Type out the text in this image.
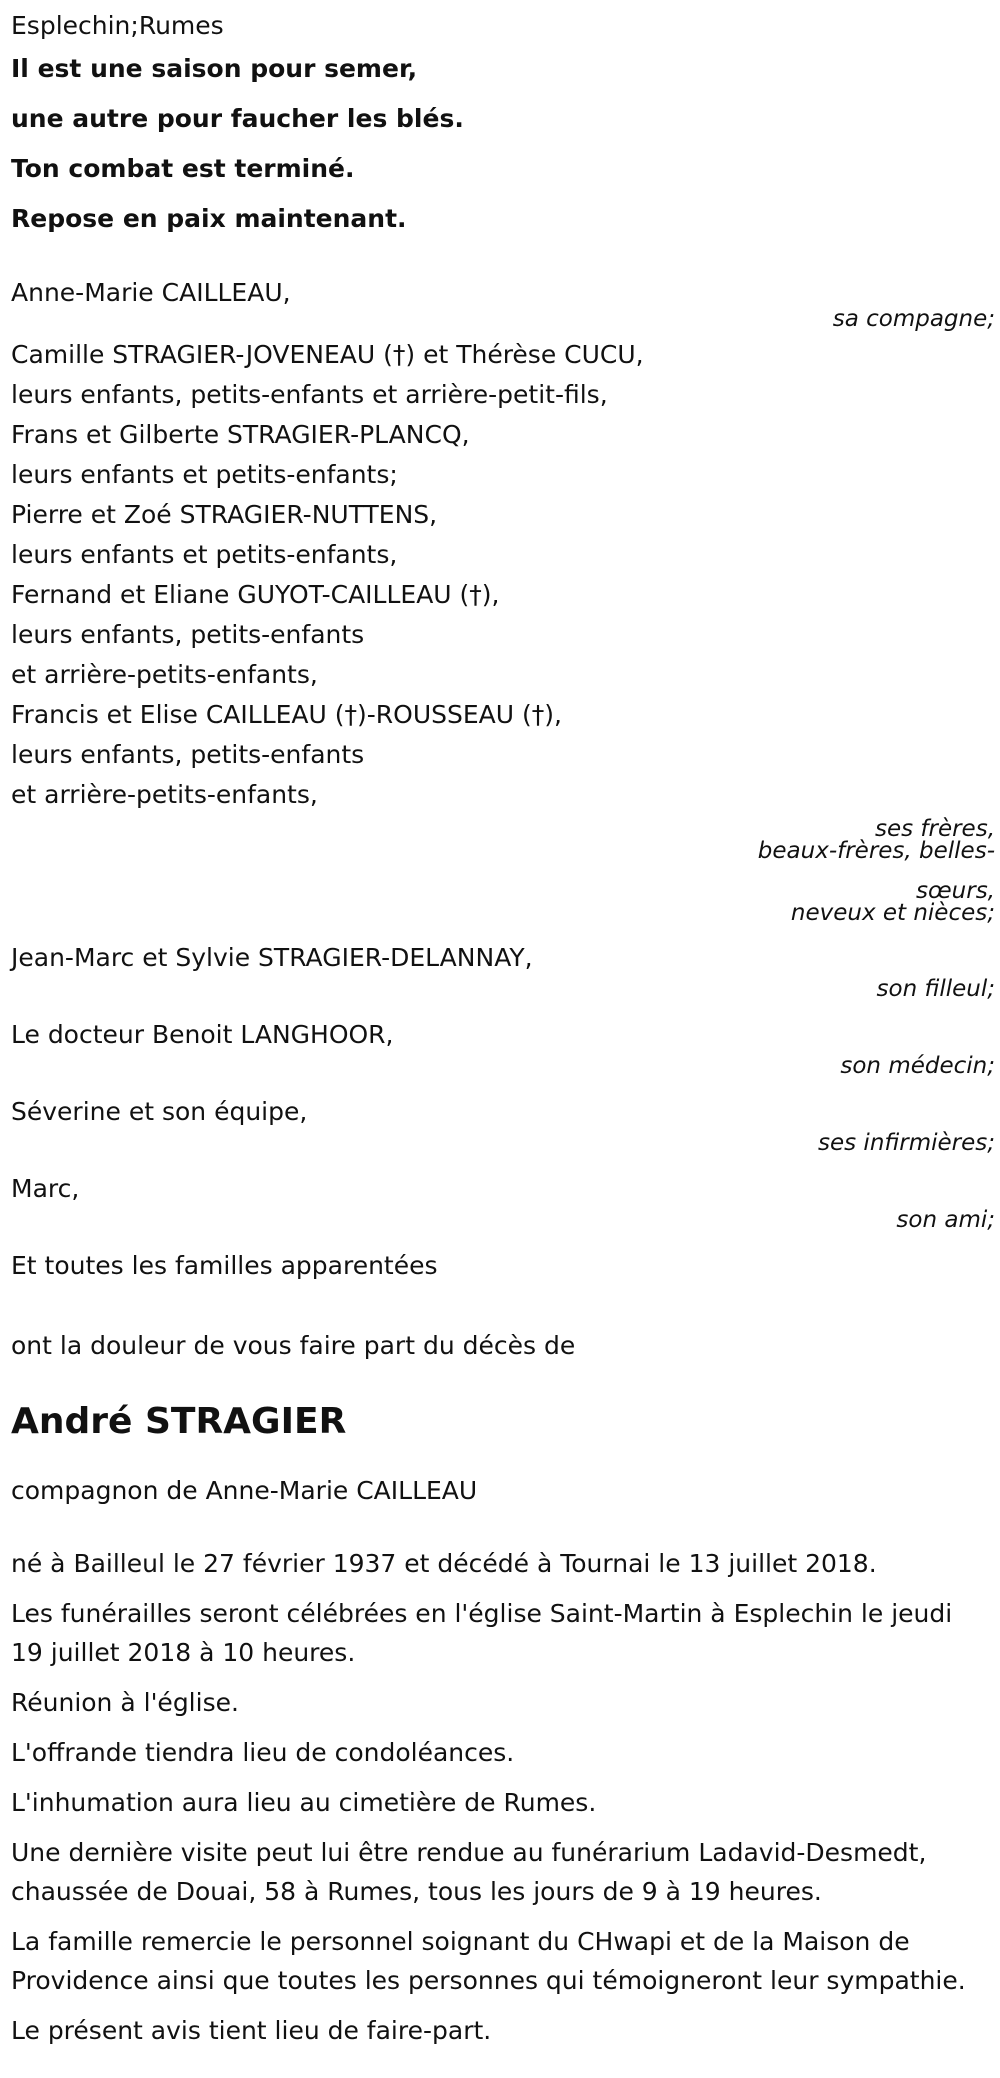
Esplechin;Rumes
Il est une saison pour semer,
une autre pour faucher les blés.
Ton combat est terminé.
Repose en paix maintenant.
Anne-Marie CAILLEAU,
sa compagne;
Camille STRAGIER-JOVENEAU (†) et Thérèse CUCU,
leurs enfants, petits-enfants et arrière-petit-fils,
Frans et Gilberte STRAGIER-PLANCQ,
leurs enfants et petits-enfants;
Pierre et Zoé STRAGIER-NUTTENS,
leurs enfants et petits-enfants,
Fernand et Eliane GUYOT-CAILLEAU (†),
leurs enfants, petits-enfants
et arrière-petits-enfants,
Francis et Elise CAILLEAU (†)-ROUSSEAU (†),
leurs enfants, petits-enfants
et arrière-petits-enfants,
ses frères,
beaux-frères, belles-
sœurs,
neveux et nièces;
Jean-Marc et Sylvie STRAGIER-DELANNAY,
son filleul;
Le docteur Benoit LANGHOOR,
son médecin;
Séverine et son équipe,
ses infirmières;
Marc,
son ami;
Et toutes les familles apparentées
ont la douleur de vous faire part du décès de
André STRAGIER
compagnon de Anne-Marie CAILLEAU

né à Bailleul le 27 février 1937 et décédé à Tournai le 13 juillet 2018.

Les funérailles seront célébrées en l'église Saint-Martin à Esplechin le jeudi 19 juillet 2018 à 10 heures.

Réunion à l'église.

L'offrande tiendra lieu de condoléances.

L'inhumation aura lieu au cimetière de Rumes.

Une dernière visite peut lui être rendue au funérarium Ladavid-Desmedt, chaussée de Douai, 58 à Rumes, tous les jours de 9 à 19 heures.

La famille remercie le personnel soignant du CHwapi et de la Maison de Providence ainsi que toutes les personnes qui témoigneront leur sympathie.

Le présent avis tient lieu de faire-part.
